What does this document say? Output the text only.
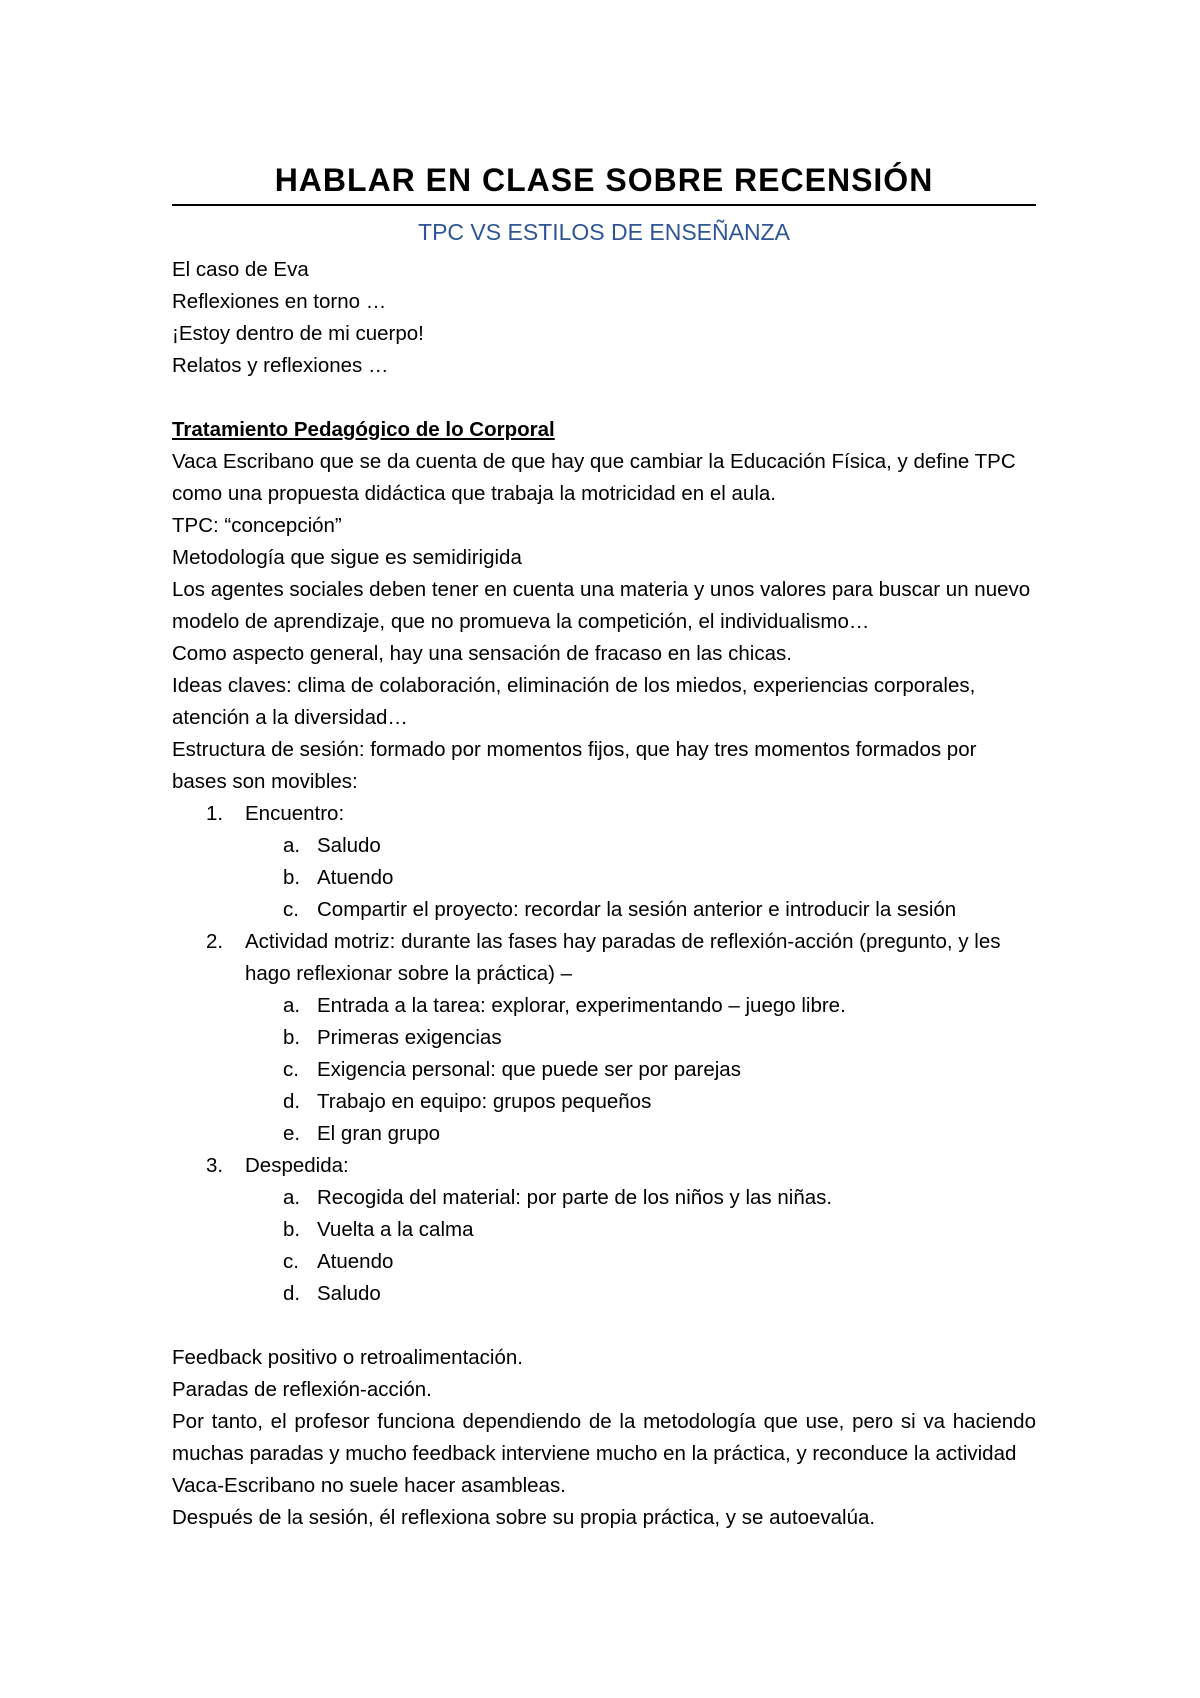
HABLAR EN CLASE SOBRE RECENSIÓN
TPC VS ESTILOS DE ENSEÑANZA

El caso de Eva

Reflexiones en torno …

¡Estoy dentro de mi cuerpo!

Relatos y reflexiones …

Tratamiento Pedagógico de lo Corporal

Vaca Escribano que se da cuenta de que hay que cambiar la Educación Física, y define TPC como una propuesta didáctica que trabaja la motricidad en el aula.

TPC: “concepción”

Metodología que sigue es semidirigida

Los agentes sociales deben tener en cuenta una materia y unos valores para buscar un nuevo modelo de aprendizaje, que no promueva la competición, el individualismo…

Como aspecto general, hay una sensación de fracaso en las chicas.

Ideas claves: clima de colaboración, eliminación de los miedos, experiencias corporales, atención a la diversidad…

Estructura de sesión: formado por momentos fijos, que hay tres momentos formados por bases son movibles:

1. Encuentro:
a. Saludo
b. Atuendo
c. Compartir el proyecto: recordar la sesión anterior e introducir la sesión
2. Actividad motriz: durante las fases hay paradas de reflexión-acción (pregunto, y les hago reflexionar sobre la práctica) –
a. Entrada a la tarea: explorar, experimentando – juego libre.
b. Primeras exigencias
c. Exigencia personal: que puede ser por parejas
d. Trabajo en equipo: grupos pequeños
e. El gran grupo
3. Despedida:
a. Recogida del material: por parte de los niños y las niñas.
b. Vuelta a la calma
c. Atuendo
d. Saludo

Feedback positivo o retroalimentación.

Paradas de reflexión-acción.

Por tanto, el profesor funciona dependiendo de la metodología que use, pero si va haciendo muchas paradas y mucho feedback interviene mucho en la práctica, y reconduce la actividad

Vaca-Escribano no suele hacer asambleas.

Después de la sesión, él reflexiona sobre su propia práctica, y se autoevalúa.
